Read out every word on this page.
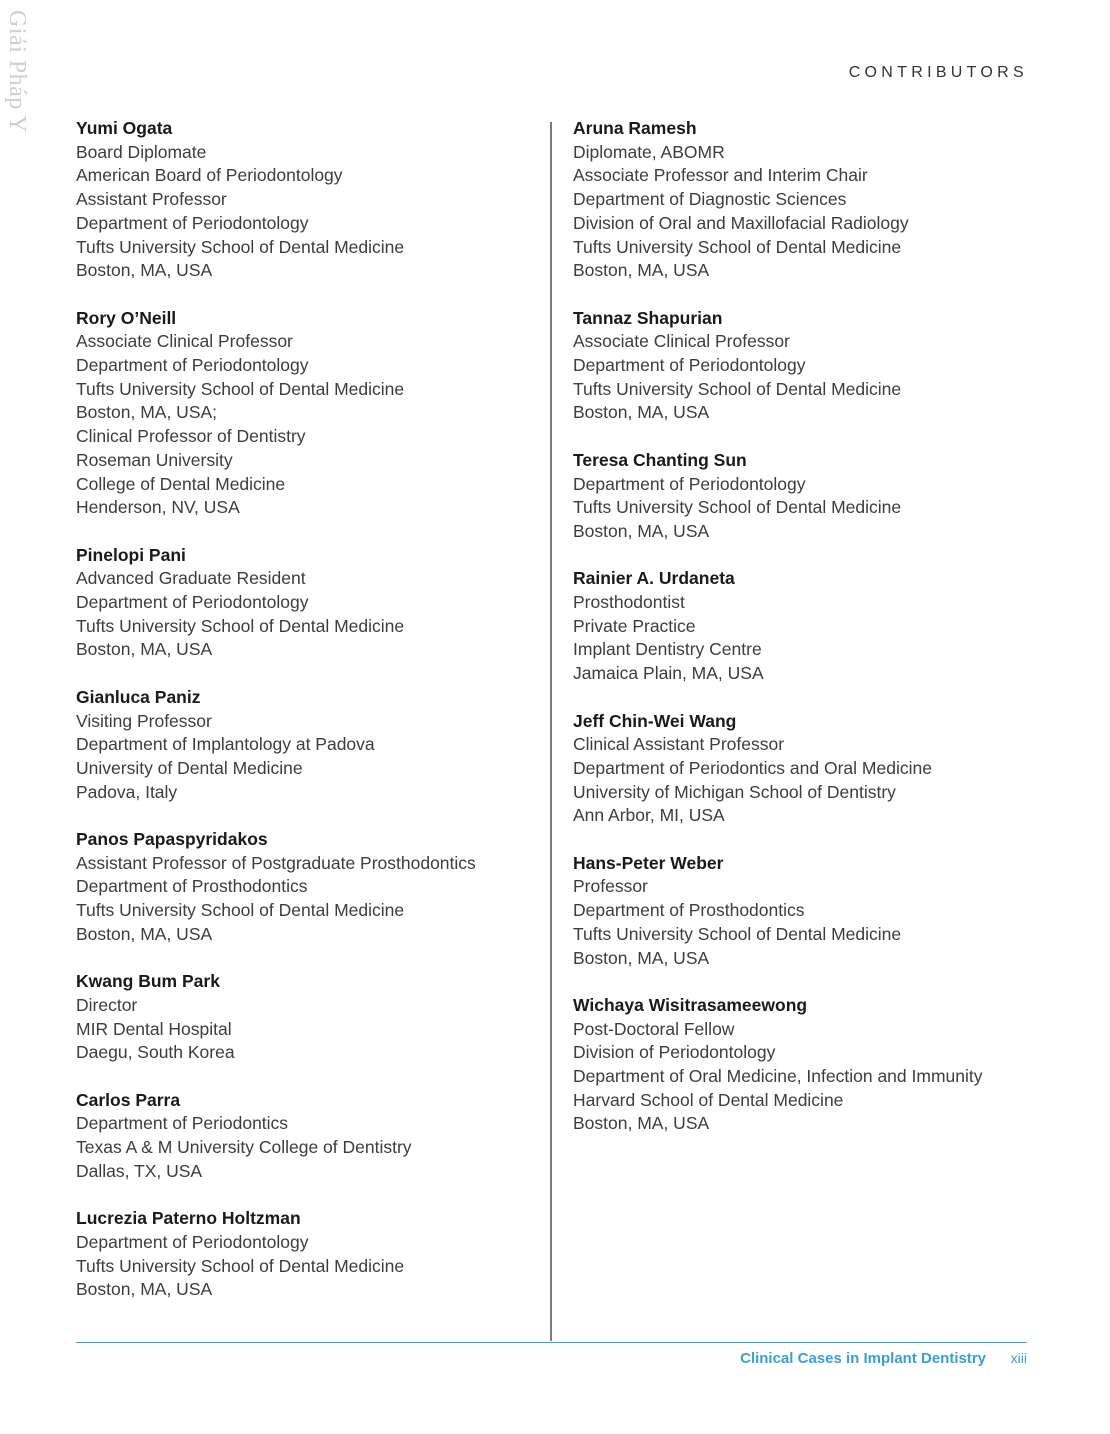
Giải Pháp Y
CONTRIBUTORS
Yumi Ogata
Board Diplomate
American Board of Periodontology
Assistant Professor
Department of Periodontology
Tufts University School of Dental Medicine
Boston, MA, USA
Rory O’Neill
Associate Clinical Professor
Department of Periodontology
Tufts University School of Dental Medicine
Boston, MA, USA;
Clinical Professor of Dentistry
Roseman University
College of Dental Medicine
Henderson, NV, USA
Pinelopi Pani
Advanced Graduate Resident
Department of Periodontology
Tufts University School of Dental Medicine
Boston, MA, USA
Gianluca Paniz
Visiting Professor
Department of Implantology at Padova
University of Dental Medicine
Padova, Italy
Panos Papaspyridakos
Assistant Professor of Postgraduate Prosthodontics
Department of Prosthodontics
Tufts University School of Dental Medicine
Boston, MA, USA
Kwang Bum Park
Director
MIR Dental Hospital
Daegu, South Korea
Carlos Parra
Department of Periodontics
Texas A & M University College of Dentistry
Dallas, TX, USA
Lucrezia Paterno Holtzman
Department of Periodontology
Tufts University School of Dental Medicine
Boston, MA, USA
Aruna Ramesh
Diplomate, ABOMR
Associate Professor and Interim Chair
Department of Diagnostic Sciences
Division of Oral and Maxillofacial Radiology
Tufts University School of Dental Medicine
Boston, MA, USA
Tannaz Shapurian
Associate Clinical Professor
Department of Periodontology
Tufts University School of Dental Medicine
Boston, MA, USA
Teresa Chanting Sun
Department of Periodontology
Tufts University School of Dental Medicine
Boston, MA, USA
Rainier A. Urdaneta
Prosthodontist
Private Practice
Implant Dentistry Centre
Jamaica Plain, MA, USA
Jeff Chin-Wei Wang
Clinical Assistant Professor
Department of Periodontics and Oral Medicine
University of Michigan School of Dentistry
Ann Arbor, MI, USA
Hans-Peter Weber
Professor
Department of Prosthodontics
Tufts University School of Dental Medicine
Boston, MA, USA
Wichaya Wisitrasameewong
Post-Doctoral Fellow
Division of Periodontology
Department of Oral Medicine, Infection and Immunity
Harvard School of Dental Medicine
Boston, MA, USA
Clinical Cases in Implant Dentistry xiii
